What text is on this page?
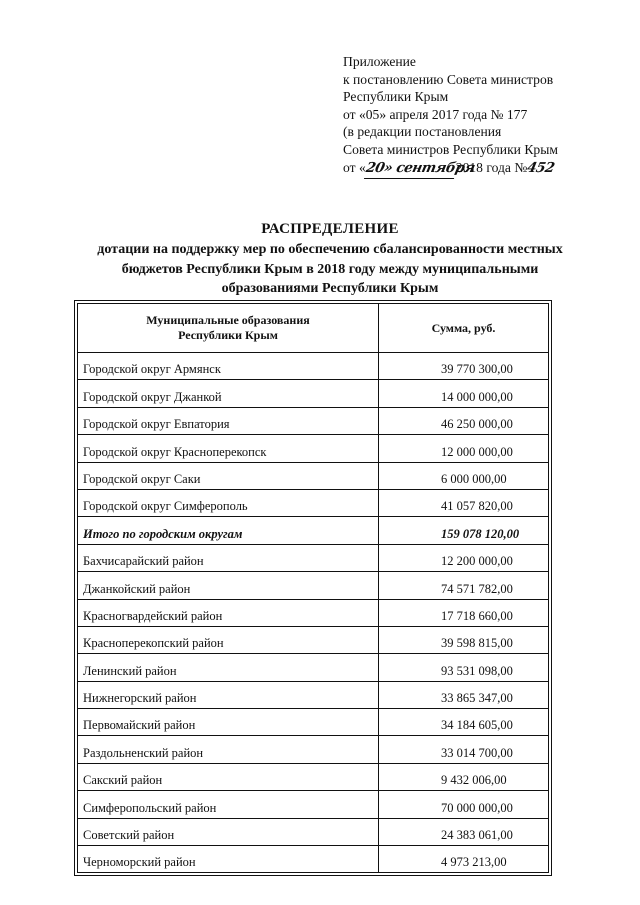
Приложение
к постановлению Совета министров
Республики Крым
от «05» апреля 2017 года № 177
(в редакции постановления
Совета министров Республики Крым
от «20» сентября2018 года №452
РАСПРЕДЕЛЕНИЕ
дотации на поддержку мер по обеспечению сбалансированности местных
бюджетов Республики Крым в 2018 году между муниципальными
образованиями Республики Крым
Муниципальные образования
Республики Крым	Сумма, руб.
Городской округ Армянск	39 770 300,00
Городской округ Джанкой	14 000 000,00
Городской округ Евпатория	46 250 000,00
Городской округ Красноперекопск	12 000 000,00
Городской округ Саки	6 000 000,00
Городской округ Симферополь	41 057 820,00
Итого по городским округам	159 078 120,00
Бахчисарайский район	12 200 000,00
Джанкойский район	74 571 782,00
Красногвардейский район	17 718 660,00
Красноперекопский район	39 598 815,00
Ленинский район	93 531 098,00
Нижнегорский район	33 865 347,00
Первомайский район	34 184 605,00
Раздольненский район	33 014 700,00
Сакский район	9 432 006,00
Симферопольский район	70 000 000,00
Советский район	24 383 061,00
Черноморский район	4 973 213,00
